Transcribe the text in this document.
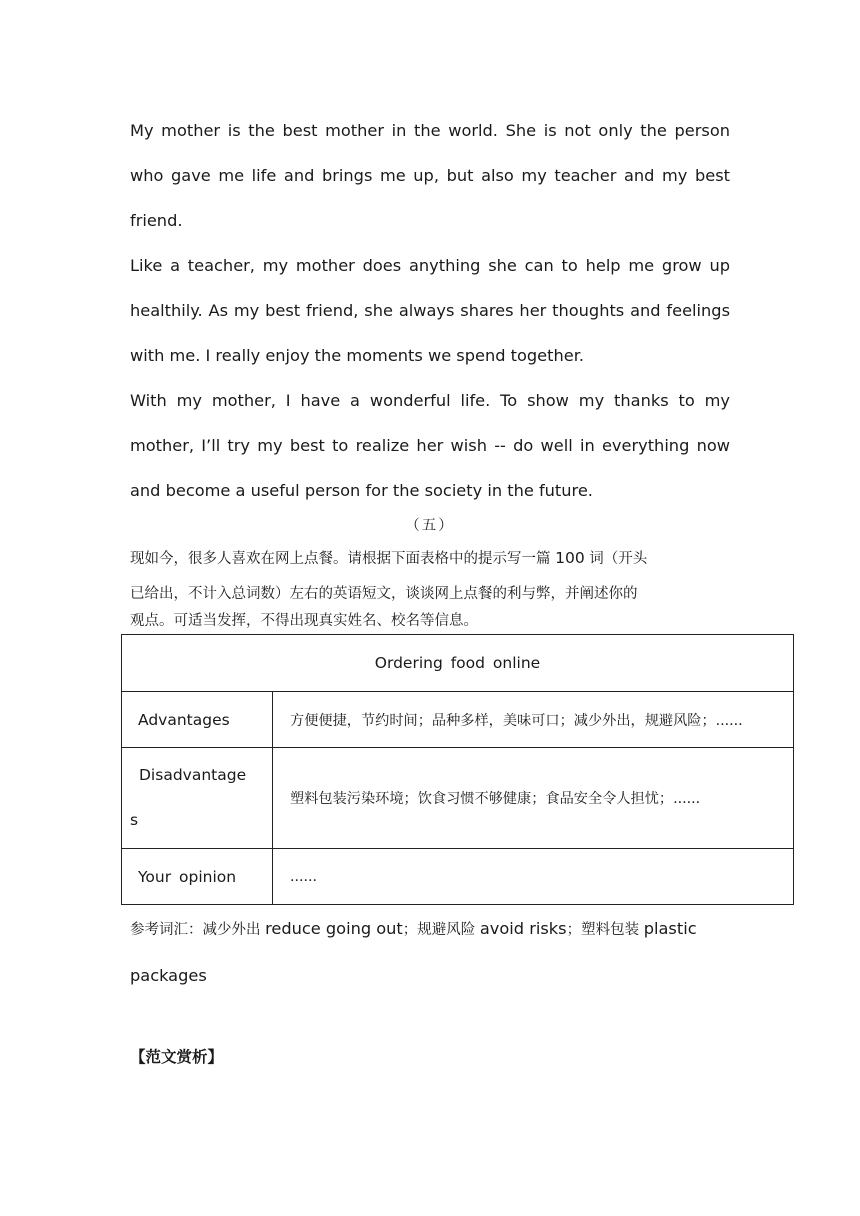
My mother is the best mother in the world. She is not only the person who gave me life and brings me up, but also my teacher and my best friend.

Like a teacher, my mother does anything she can to help me grow up healthily. As my best friend, she always shares her thoughts and feelings with me. I really enjoy the moments we spend together.

With my mother, I have a wonderful life. To show my thanks to my mother, I’ll try my best to realize her wish -- do well in everything now and become a useful person for the society in the future.

（五）
现如今，很多人喜欢在网上点餐。请根据下面表格中的提示写一篇 100 词（开头
已给出，不计入总词数）左右的英语短文，谈谈网上点餐的利与弊，并阐述你的
观点。可适当发挥，不得出现真实姓名、校名等信息。
Ordering food online	
Advantages	方便便捷，节约时间；品种多样，美味可口；减少外出，规避风险；......

Disadvantage
s	塑料包装污染环境；饮食习惯不够健康；食品安全令人担忧；......
Your opinion	......
参考词汇：减少外出 reduce going out；规避风险 avoid risks；塑料包装 plastic packages
【范文赏析】
